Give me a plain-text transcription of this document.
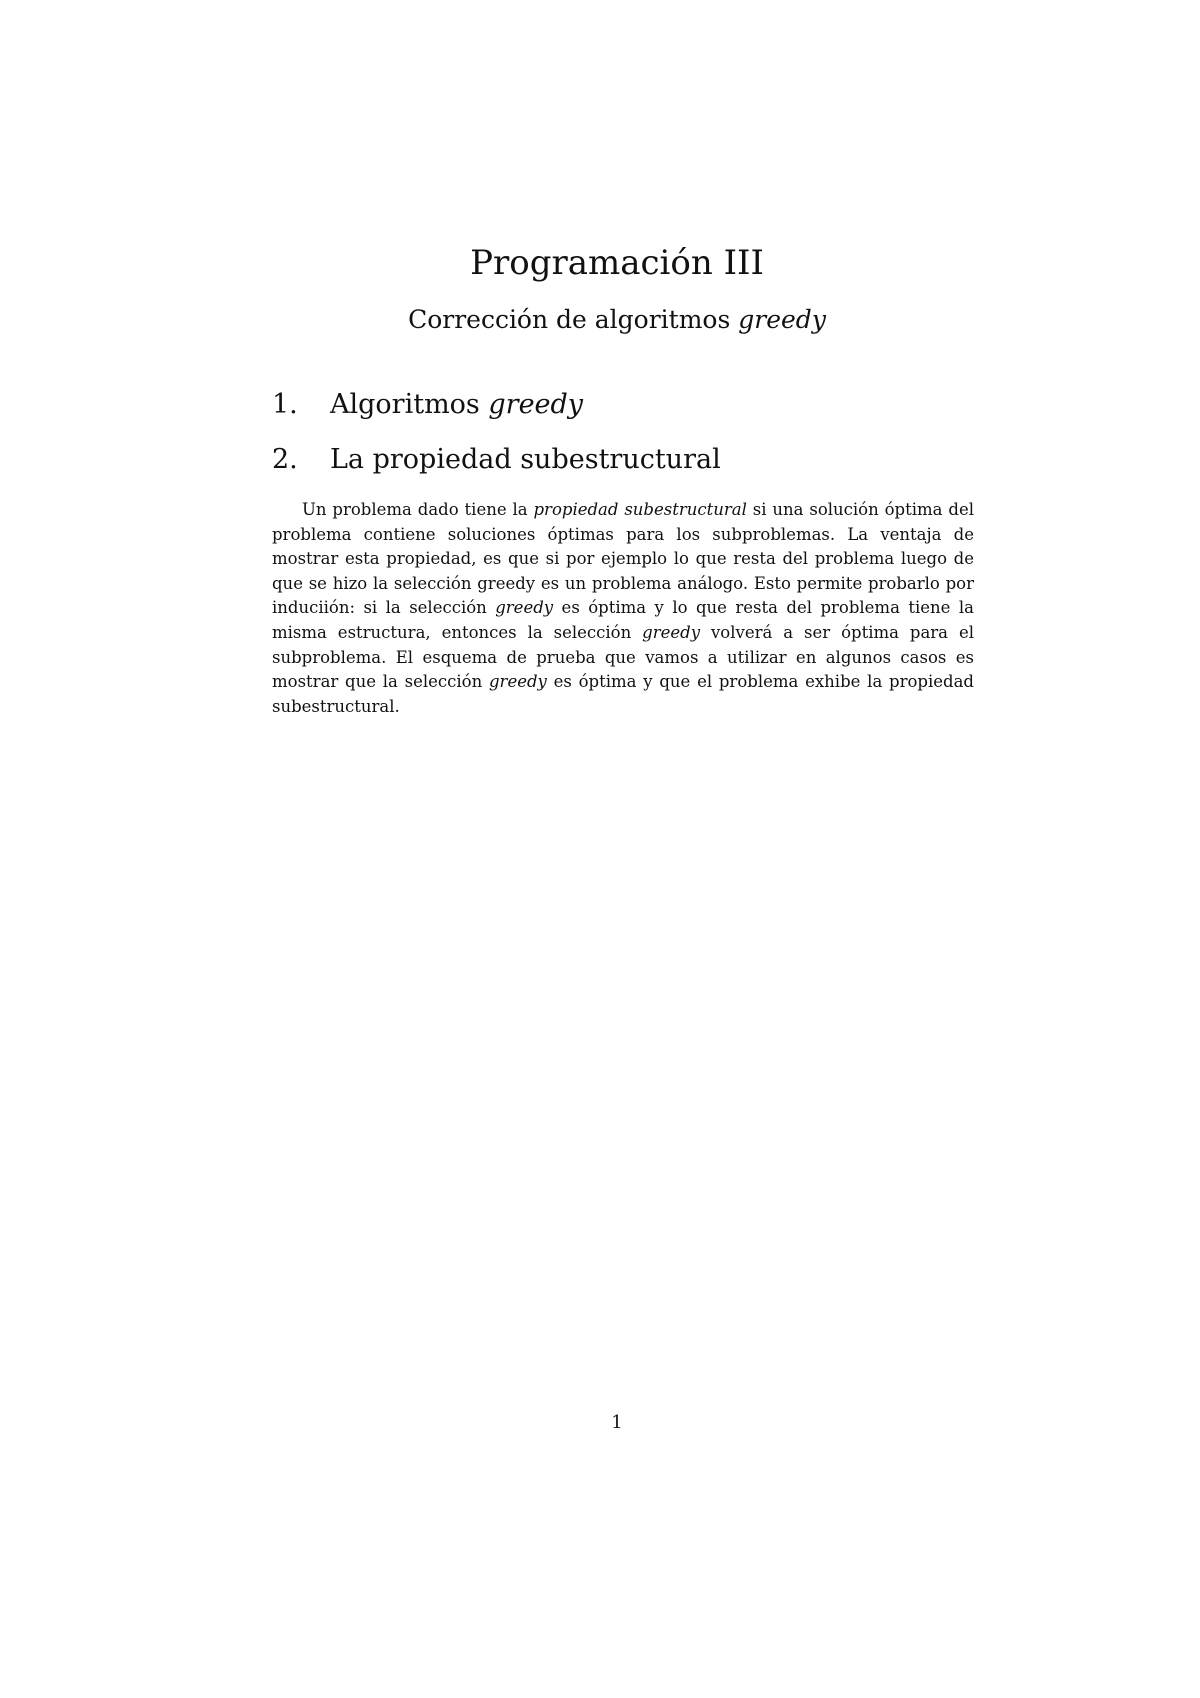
Programación III
Corrección de algoritmos greedy
1. Algoritmos greedy
2. La propiedad subestructural

Un problema dado tiene la propiedad subestructural si una solución óptima del problema contiene soluciones óptimas para los subproblemas. La ventaja de mostrar esta propiedad, es que si por ejemplo lo que resta del problema luego de que se hizo la selección greedy es un problema análogo. Esto permite probarlo por induciión: si la selección greedy es óptima y lo que resta del problema tiene la misma estructura, entonces la selección greedy volverá a ser óptima para el subproblema. El esquema de prueba que vamos a utilizar en algunos casos es mostrar que la selección greedy es óptima y que el problema exhibe la propiedad subestructural.

1
